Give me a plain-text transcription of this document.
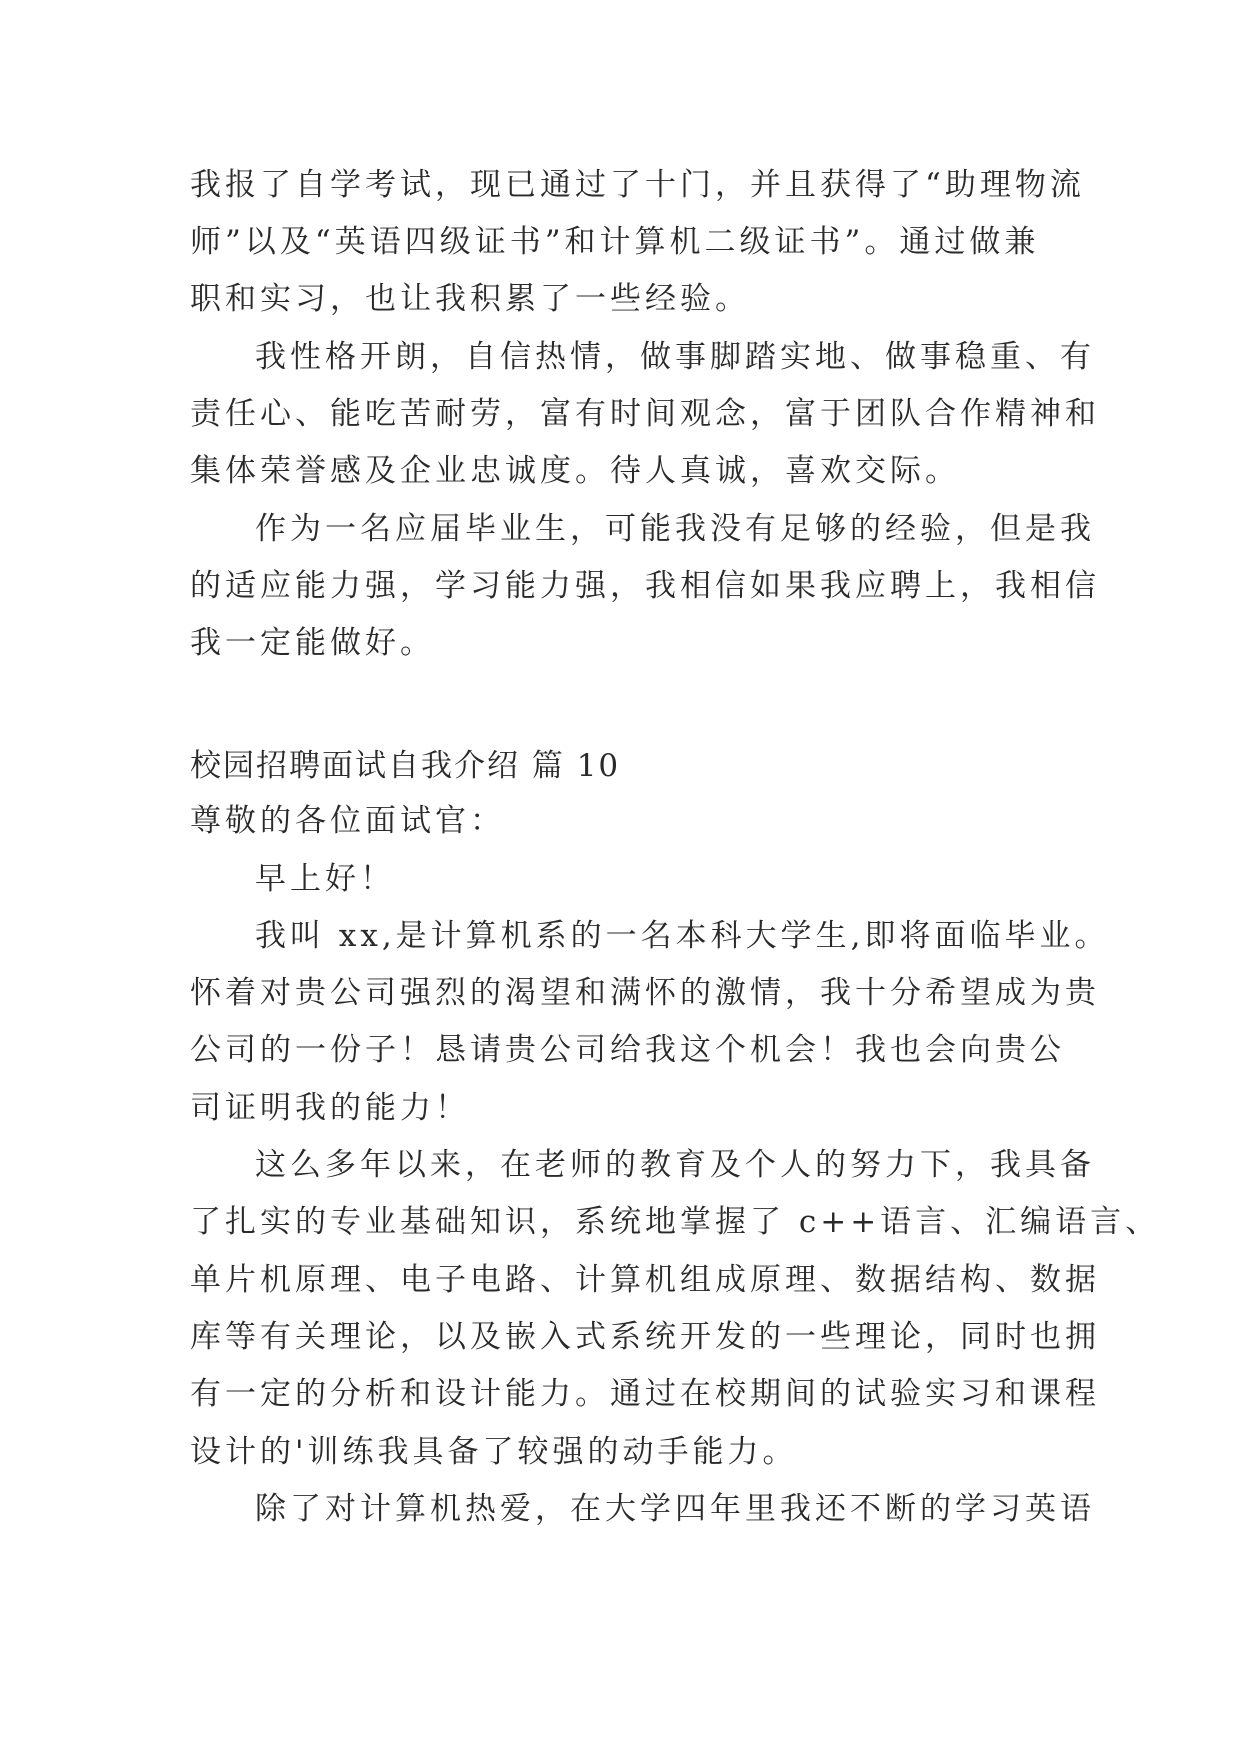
我报了自学考试，现已通过了十门，并且获得了“助理物流
师”以及“英语四级证书”和计算机二级证书”。通过做兼
职和实习，也让我积累了一些经验。
我性格开朗，自信热情，做事脚踏实地、做事稳重、有
责任心、能吃苦耐劳，富有时间观念，富于团队合作精神和
集体荣誉感及企业忠诚度。待人真诚，喜欢交际。
作为一名应届毕业生，可能我没有足够的经验，但是我
的适应能力强，学习能力强，我相信如果我应聘上，我相信
我一定能做好。
校园招聘面试自我介绍 篇 10
尊敬的各位面试官：
早上好！
我叫 xx,是计算机系的一名本科大学生,即将面临毕业。
怀着对贵公司强烈的渴望和满怀的激情，我十分希望成为贵
公司的一份子！恳请贵公司给我这个机会！我也会向贵公
司证明我的能力！
这么多年以来，在老师的教育及个人的努力下，我具备
了扎实的专业基础知识，系统地掌握了 c++语言、汇编语言、
单片机原理、电子电路、计算机组成原理、数据结构、数据
库等有关理论，以及嵌入式系统开发的一些理论，同时也拥
有一定的分析和设计能力。通过在校期间的试验实习和课程
设计的'训练我具备了较强的动手能力。
除了对计算机热爱，在大学四年里我还不断的学习英语
